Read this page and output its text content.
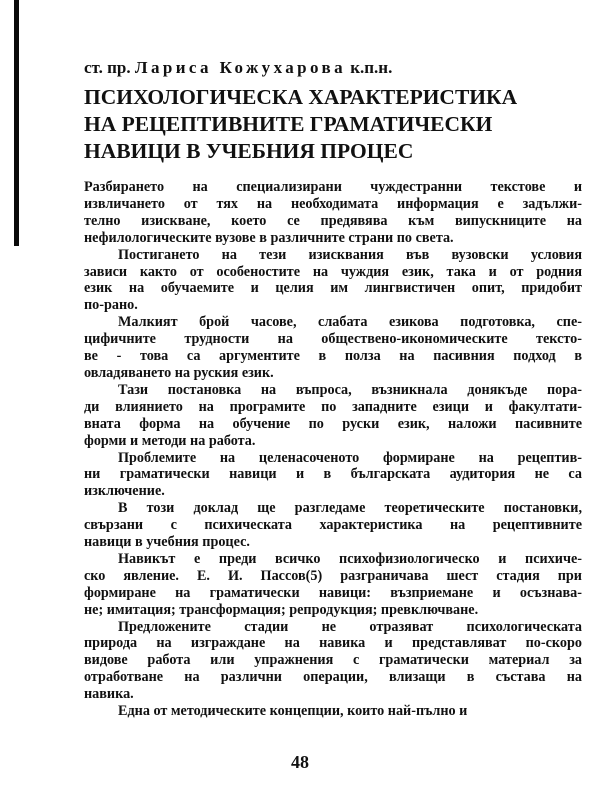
ст. пр. Лариса Кожухарова к.п.н.
ПСИХОЛОГИЧЕСКА ХАРАКТЕРИСТИКА
НА РЕЦЕПТИВНИТЕ ГРАМАТИЧЕСКИ
НАВИЦИ В УЧЕБНИЯ ПРОЦЕС

Разбирането на специализирани чуждестранни текстове и
извличането от тях на необходимата информация е задължи-
телно изискване, което се предявява към випускниците на
нефилологическите вузове в различните страни по света.

Постигането на тези изисквания във вузовски условия
зависи както от особеностите на чуждия език, така и от родния
език на обучаемите и целия им лингвистичен опит, придобит
по-рано.

Малкият брой часове, слабата езикова подготовка, спе-
цифичните трудности на обществено-икономическите тексто-
ве - това са аргументите в полза на пасивния подход в
овладяването на руския език.

Тази постановка на въпроса, възникнала донякъде пора-
ди влиянието на програмите по западните езици и факултати-
вната форма на обучение по руски език, наложи пасивните
форми и методи на работа.

Проблемите на целенасоченото формиране на рецептив-
ни граматически навици и в българската аудитория не са
изключение.

В този доклад ще разгледаме теоретическите постановки,
свързани с психическата характеристика на рецептивните
навици в учебния процес.

Навикът е преди всичко психофизиологическо и психиче-
ско явление. Е. И. Пассов(5) разграничава шест стадия при
формиране на граматически навици: възприемане и осъзнава-
не; имитация; трансформация; репродукция; превключване.

Предложените стадии не отразяват психологическата
природа на изграждане на навика и представляват по-скоро
видове работа или упражнения с граматически материал за
отработване на различни операции, влизащи в състава на
навика.

Една от методическите концепции, които най-пълно и

48
